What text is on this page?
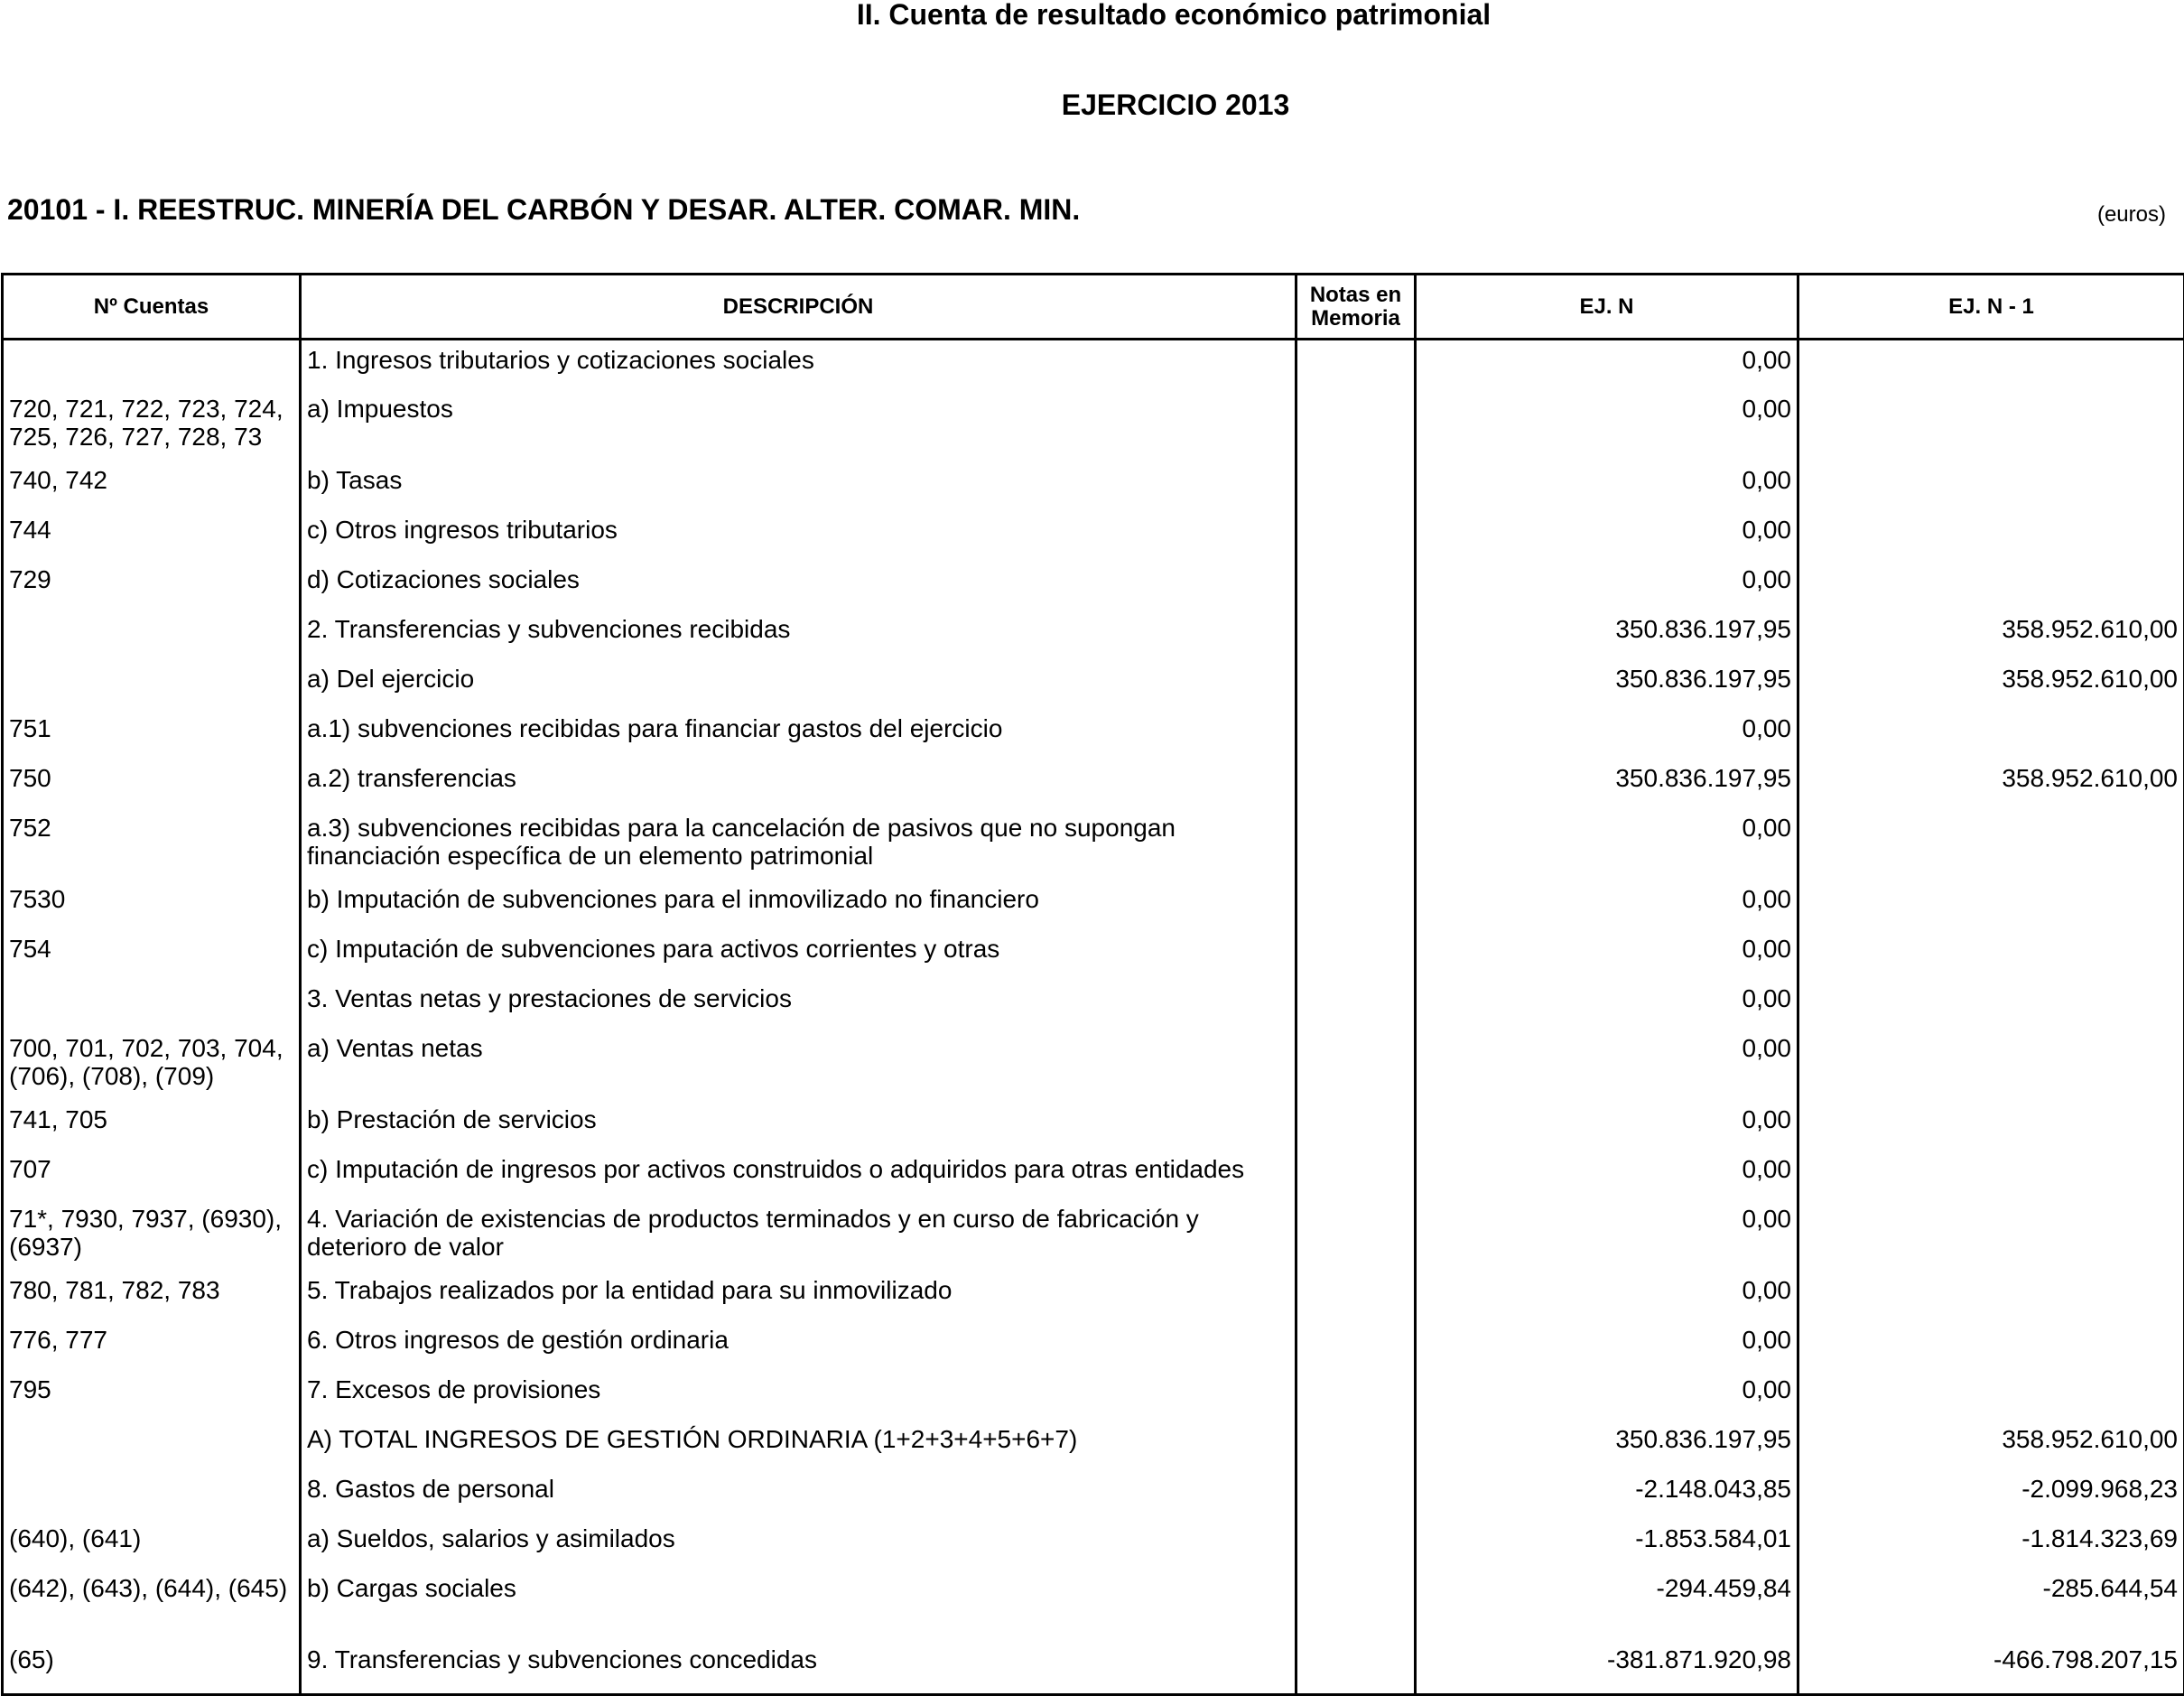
II. Cuenta de resultado económico patrimonial
EJERCICIO 2013
20101 - I. REESTRUC. MINERÍA DEL CARBÓN Y DESAR. ALTER. COMAR. MIN.	(euros)
Nº Cuentas	DESCRIPCIÓN	Notas en Memoria	EJ. N	EJ. N - 1
	1. Ingresos tributarios y cotizaciones sociales		0,00	
720, 721, 722, 723, 724, 725, 726, 727, 728, 73	a) Impuestos		0,00	
740, 742	b) Tasas		0,00	
744	c) Otros ingresos tributarios		0,00	
729	d) Cotizaciones sociales		0,00	
	2. Transferencias y subvenciones recibidas		350.836.197,95	358.952.610,00
	a) Del ejercicio		350.836.197,95	358.952.610,00
751	a.1) subvenciones recibidas para financiar gastos del ejercicio		0,00	
750	a.2) transferencias		350.836.197,95	358.952.610,00
752	a.3) subvenciones recibidas para la cancelación de pasivos que no supongan financiación específica de un elemento patrimonial		0,00	
7530	b) Imputación de subvenciones para el inmovilizado no financiero		0,00	
754	c) Imputación de subvenciones para activos corrientes y otras		0,00	
	3. Ventas netas y prestaciones de servicios		0,00	
700, 701, 702, 703, 704, (706), (708), (709)	a) Ventas netas		0,00	
741, 705	b) Prestación de servicios		0,00	
707	c) Imputación de ingresos por activos construidos o adquiridos para otras entidades		0,00	
71*, 7930, 7937, (6930), (6937)	4. Variación de existencias de productos terminados y en curso de fabricación y deterioro de valor		0,00	
780, 781, 782, 783	5. Trabajos realizados por la entidad para su inmovilizado		0,00	
776, 777	6. Otros ingresos de gestión ordinaria		0,00	
795	7. Excesos de provisiones		0,00	
	A) TOTAL INGRESOS DE GESTIÓN ORDINARIA (1+2+3+4+5+6+7)		350.836.197,95	358.952.610,00
	8. Gastos de personal		-2.148.043,85	-2.099.968,23
(640), (641)	a) Sueldos, salarios y asimilados		-1.853.584,01	-1.814.323,69
(642), (643), (644), (645)	b) Cargas sociales		-294.459,84	-285.644,54
(65)	9. Transferencias y subvenciones concedidas		-381.871.920,98	-466.798.207,15
